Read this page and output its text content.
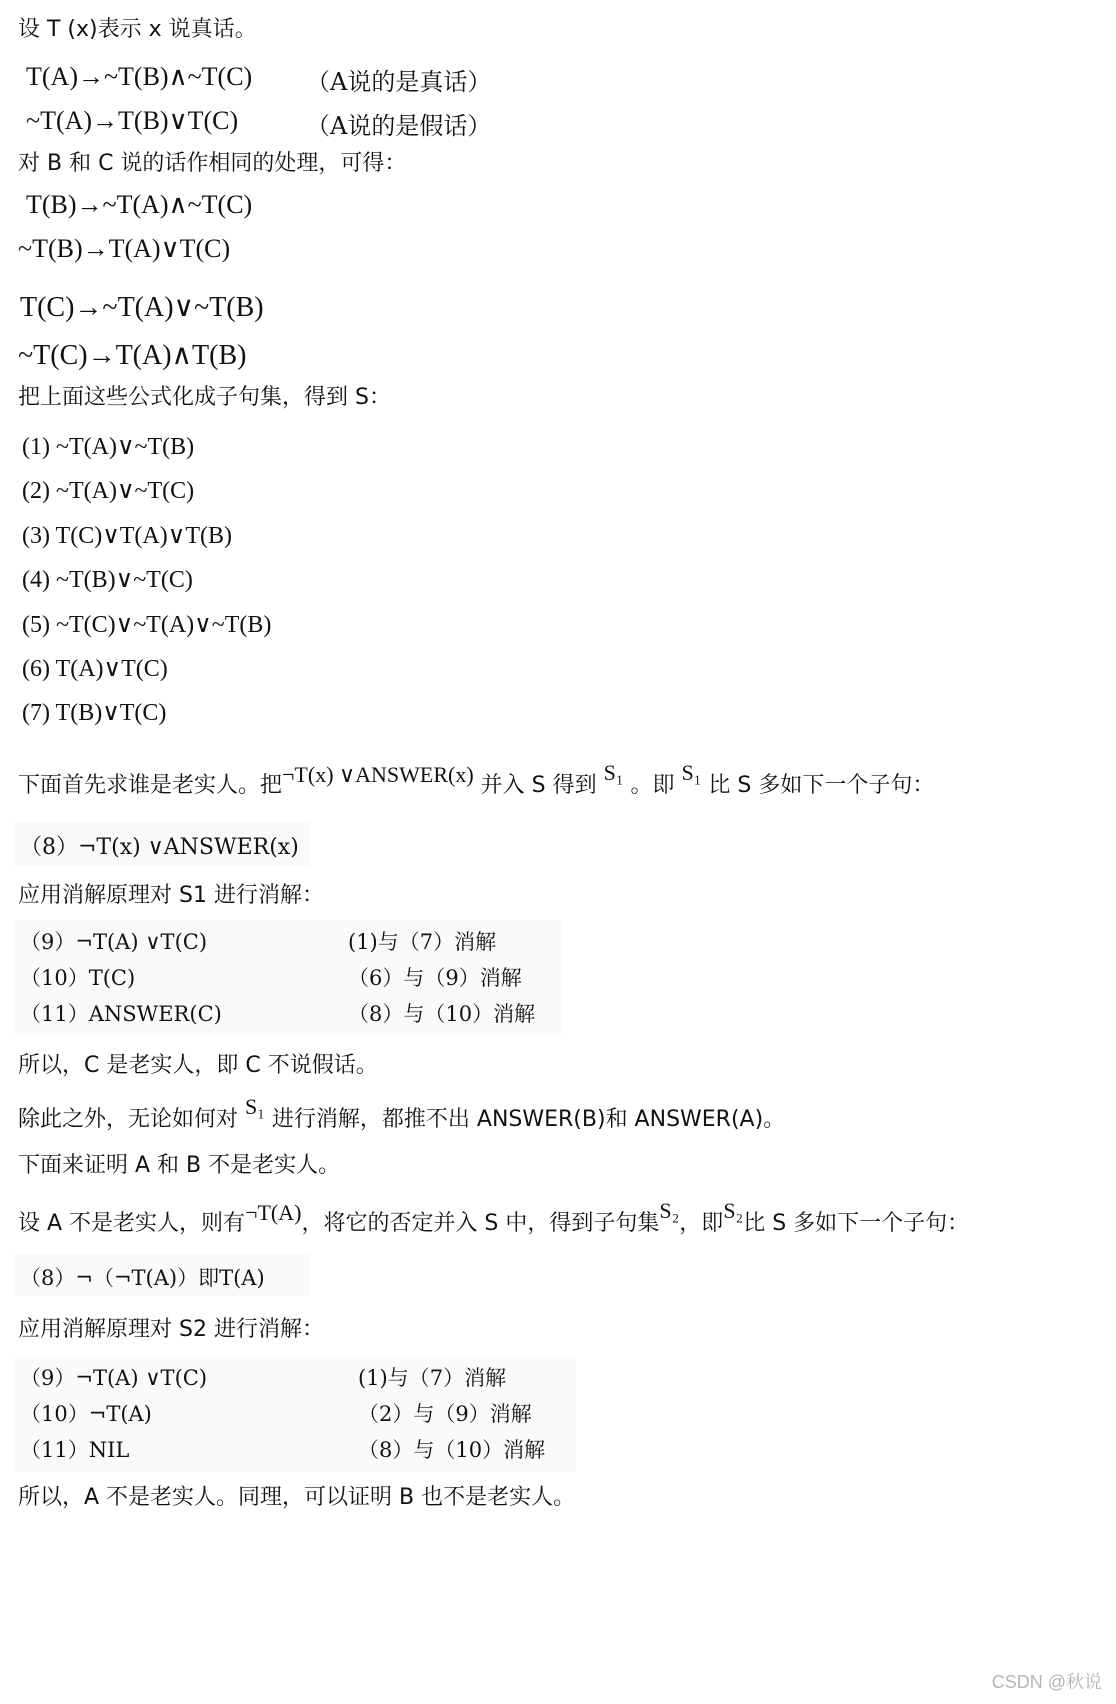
设 T (x)表示 x 说真话。
T(A)→~T(B)∧~T(C) （A说的是真话）
~T(A)→T(B)∨T(C)	（A说的是假话）
对 B 和 C 说的话作相同的处理，可得：
T(B)→~T(A)∧~T(C)
~T(B)→T(A)∨T(C)
T(C)→~T(A)∨~T(B)
~T(C)→T(A)∧T(B)
把上面这些公式化成子句集，得到 S：
(1) ~T(A)∨~T(B)
(2) ~T(A)∨~T(C)
(3) T(C)∨T(A)∨T(B)
(4) ~T(B)∨~T(C)
(5) ~T(C)∨~T(A)∨~T(B)
(6) T(A)∨T(C)
(7) T(B)∨T(C)
下面首先求谁是老实人。把¬T(x) ∨ANSWER(x) 并入 S 得到 S₁ 。即 S₁ 比 S 多如下一个子句：
（8）¬T(x) ∨ANSWER(x)
应用消解原理对 S1 进行消解：
（9）¬T(A) ∨T(C)	(1)与（7）消解
（10）T(C)	（6）与（9）消解
（11）ANSWER(C)	（8）与（10）消解
所以，C 是老实人，即 C 不说假话。
除此之外，无论如何对 S₁ 进行消解，都推不出 ANSWER(B)和 ANSWER(A)。
下面来证明 A 和 B 不是老实人。
设 A 不是老实人，则有¬T(A)，将它的否定并入 S 中，得到子句集S₂，即S₂比 S 多如下一个子句：
（8）¬（¬T(A)）即T(A)
应用消解原理对 S2 进行消解：
（9）¬T(A) ∨T(C)	(1)与（7）消解
（10）¬T(A)	（2）与（9）消解
（11）NIL	（8）与（10）消解
所以，A 不是老实人。同理，可以证明 B 也不是老实人。
CSDN @秋说
